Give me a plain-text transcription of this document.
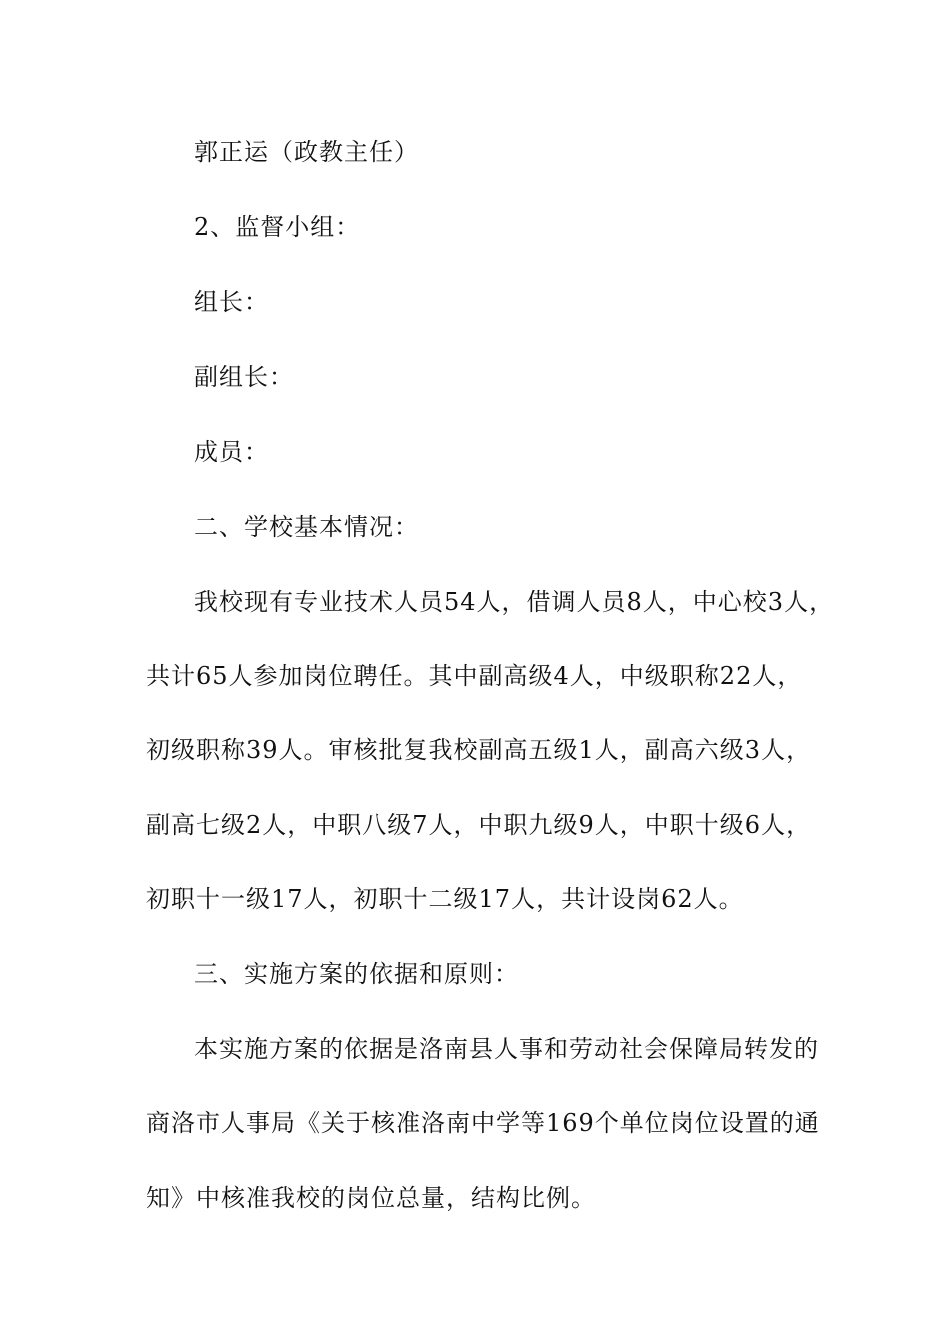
郭正运（政教主任）
2、监督小组：
组长：
副组长：
成员：
二、学校基本情况：
我校现有专业技术人员54人，借调人员8人，中心校3人，
共计65人参加岗位聘任。其中副高级4人，中级职称22人，
初级职称39人。审核批复我校副高五级1人，副高六级3人，
副高七级2人，中职八级7人，中职九级9人，中职十级6人，
初职十一级17人，初职十二级17人，共计设岗62人。
三、实施方案的依据和原则：
本实施方案的依据是洛南县人事和劳动社会保障局转发的
商洛市人事局《关于核准洛南中学等169个单位岗位设置的通
知》中核准我校的岗位总量，结构比例。
